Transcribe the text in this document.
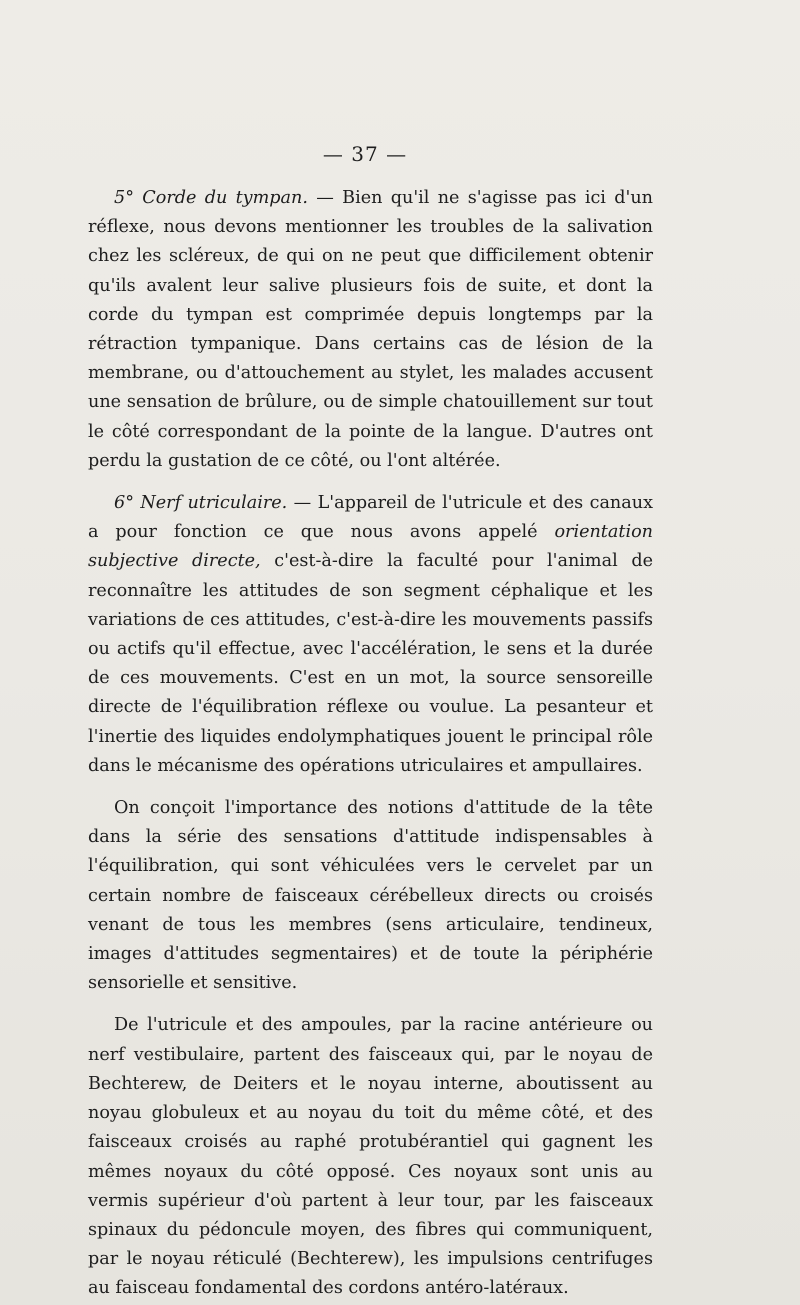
— 37 —

5° Corde du tympan. — Bien qu'il ne s'agisse pas ici d'un réflexe, nous devons mentionner les troubles de la salivation chez les scléreux, de qui on ne peut que difficilement obtenir qu'ils avalent leur salive plusieurs fois de suite, et dont la corde du tympan est comprimée depuis longtemps par la rétraction tympanique. Dans certains cas de lésion de la membrane, ou d'attouchement au stylet, les malades accusent une sensation de brûlure, ou de simple chatouillement sur tout le côté correspondant de la pointe de la langue. D'autres ont perdu la gustation de ce côté, ou l'ont altérée.

6° Nerf utriculaire. — L'appareil de l'utricule et des canaux a pour fonction ce que nous avons appelé orientation subjective directe, c'est-à-dire la faculté pour l'animal de reconnaître les attitudes de son segment céphalique et les variations de ces attitudes, c'est-à-dire les mouvements passifs ou actifs qu'il effectue, avec l'accélération, le sens et la durée de ces mouvements. C'est en un mot, la source sensoreille directe de l'équilibration réflexe ou voulue. La pesanteur et l'inertie des liquides endolymphatiques jouent le principal rôle dans le mécanisme des opérations utriculaires et ampullaires.

On conçoit l'importance des notions d'attitude de la tête dans la série des sensations d'attitude indispensables à l'équilibration, qui sont véhiculées vers le cervelet par un certain nombre de faisceaux cérébelleux directs ou croisés venant de tous les membres (sens articulaire, tendineux, images d'attitudes segmentaires) et de toute la périphérie sensorielle et sensitive.

De l'utricule et des ampoules, par la racine antérieure ou nerf vestibulaire, partent des faisceaux qui, par le noyau de Bechterew, de Deiters et le noyau interne, aboutissent au noyau globuleux et au noyau du toit du même côté, et des faisceaux croisés au raphé protubérantiel qui gagnent les mêmes noyaux du côté opposé. Ces noyaux sont unis au vermis supérieur d'où partent à leur tour, par les faisceaux spinaux du pédoncule moyen, des fibres qui communiquent, par le noyau réticulé (Bechterew), les impulsions centrifuges au faisceau fondamental des cordons antéro-latéraux.
